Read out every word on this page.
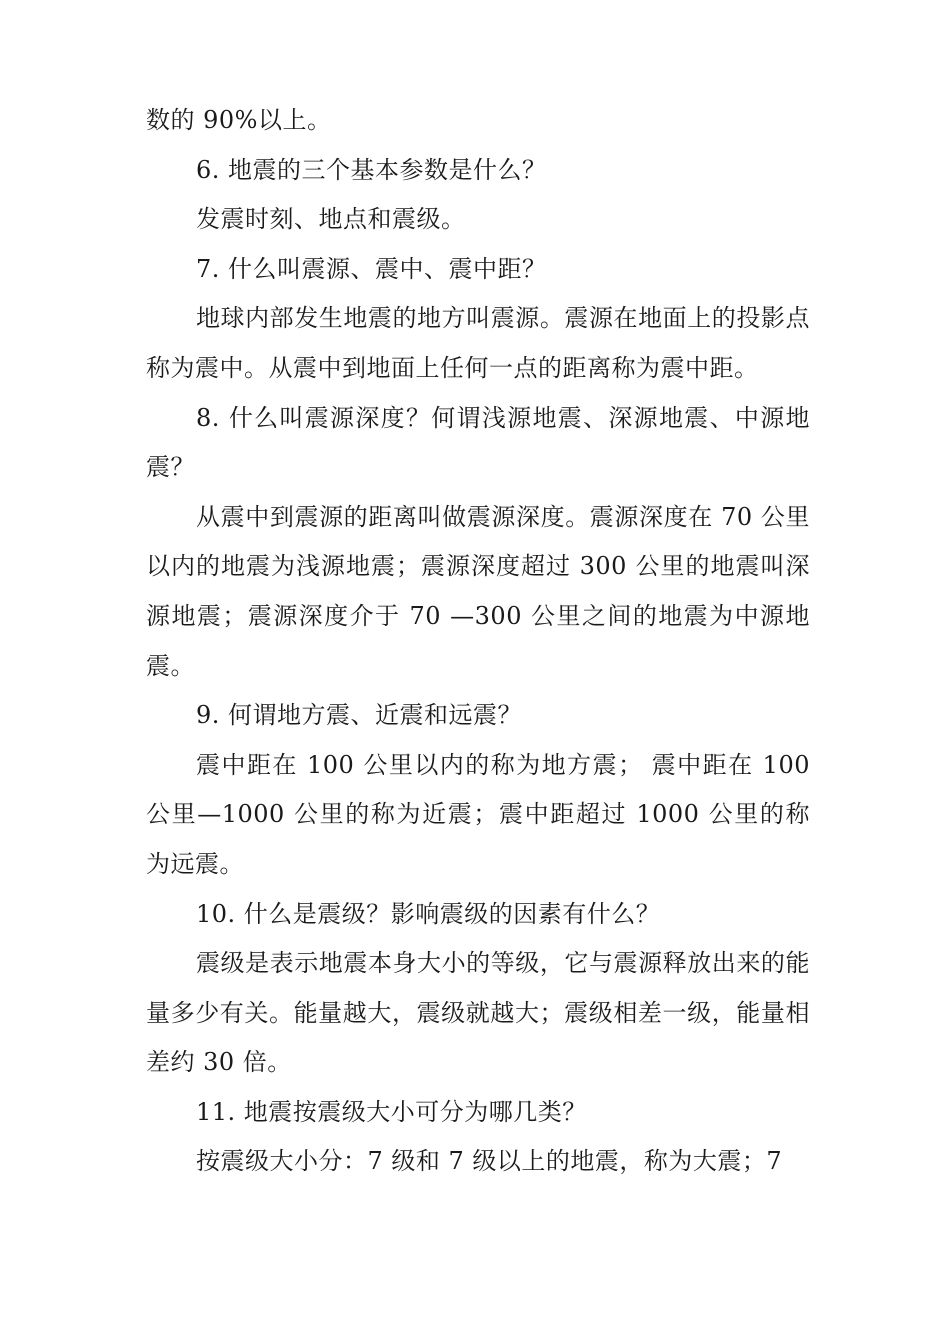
数的 90%以上。

6. 地震的三个基本参数是什么？

发震时刻、地点和震级。

7. 什么叫震源、震中、震中距？

地球内部发生地震的地方叫震源。震源在地面上的投影点称为震中。从震中到地面上任何一点的距离称为震中距。

8. 什么叫震源深度？何谓浅源地震、深源地震、中源地震？

从震中到震源的距离叫做震源深度。震源深度在 70 公里以内的地震为浅源地震；震源深度超过 300 公里的地震叫深源地震；震源深度介于 70 —300 公里之间的地震为中源地震。

9. 何谓地方震、近震和远震？

震中距在 100 公里以内的称为地方震； 震中距在 100 公里—1000 公里的称为近震；震中距超过 1000 公里的称为远震。

10. 什么是震级？影响震级的因素有什么？

震级是表示地震本身大小的等级，它与震源释放出来的能量多少有关。能量越大，震级就越大；震级相差一级，能量相差约 30 倍。

11. 地震按震级大小可分为哪几类？

按震级大小分：7 级和 7 级以上的地震，称为大震；7
